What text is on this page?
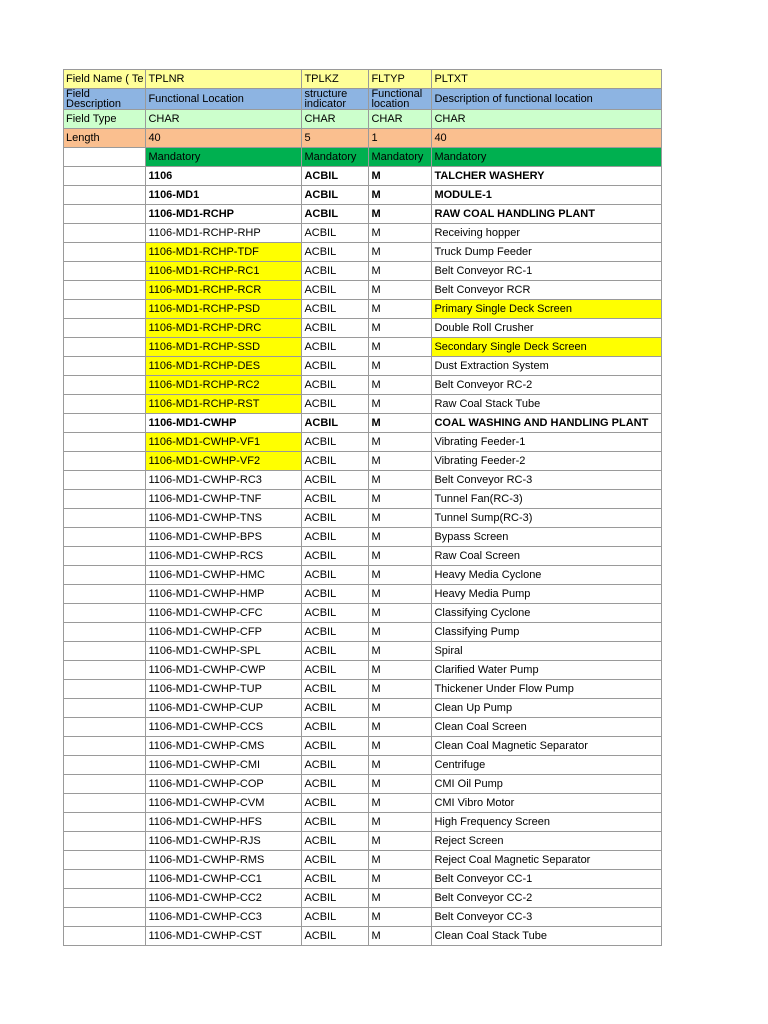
Field Name ( Te	TPLNR	TPLKZ	FLTYP	PLTXT
Field Description	Functional Location	structure indicator	Functional location	Description of functional location
Field Type	CHAR	CHAR	CHAR	CHAR
Length	40	5	1	40
	Mandatory	Mandatory	Mandatory	Mandatory
	1106	ACBIL	M	TALCHER WASHERY
	1106-MD1	ACBIL	M	MODULE-1
	1106-MD1-RCHP	ACBIL	M	RAW COAL HANDLING PLANT
	1106-MD1-RCHP-RHP	ACBIL	M	Receiving hopper
	1106-MD1-RCHP-TDF	ACBIL	M	Truck Dump Feeder
	1106-MD1-RCHP-RC1	ACBIL	M	Belt Conveyor RC-1
	1106-MD1-RCHP-RCR	ACBIL	M	Belt Conveyor RCR
	1106-MD1-RCHP-PSD	ACBIL	M	Primary Single Deck Screen
	1106-MD1-RCHP-DRC	ACBIL	M	Double Roll Crusher
	1106-MD1-RCHP-SSD	ACBIL	M	Secondary Single Deck Screen
	1106-MD1-RCHP-DES	ACBIL	M	Dust Extraction System
	1106-MD1-RCHP-RC2	ACBIL	M	Belt Conveyor RC-2
	1106-MD1-RCHP-RST	ACBIL	M	Raw Coal Stack Tube
	1106-MD1-CWHP	ACBIL	M	COAL WASHING AND HANDLING PLANT
	1106-MD1-CWHP-VF1	ACBIL	M	Vibrating Feeder-1
	1106-MD1-CWHP-VF2	ACBIL	M	Vibrating Feeder-2
	1106-MD1-CWHP-RC3	ACBIL	M	Belt Conveyor RC-3
	1106-MD1-CWHP-TNF	ACBIL	M	Tunnel Fan(RC-3)
	1106-MD1-CWHP-TNS	ACBIL	M	Tunnel Sump(RC-3)
	1106-MD1-CWHP-BPS	ACBIL	M	Bypass Screen
	1106-MD1-CWHP-RCS	ACBIL	M	Raw Coal Screen
	1106-MD1-CWHP-HMC	ACBIL	M	Heavy Media Cyclone
	1106-MD1-CWHP-HMP	ACBIL	M	Heavy Media Pump
	1106-MD1-CWHP-CFC	ACBIL	M	Classifying Cyclone
	1106-MD1-CWHP-CFP	ACBIL	M	Classifying Pump
	1106-MD1-CWHP-SPL	ACBIL	M	Spiral
	1106-MD1-CWHP-CWP	ACBIL	M	Clarified Water Pump
	1106-MD1-CWHP-TUP	ACBIL	M	Thickener Under Flow Pump
	1106-MD1-CWHP-CUP	ACBIL	M	Clean Up Pump
	1106-MD1-CWHP-CCS	ACBIL	M	Clean Coal Screen
	1106-MD1-CWHP-CMS	ACBIL	M	Clean Coal Magnetic Separator
	1106-MD1-CWHP-CMI	ACBIL	M	Centrifuge
	1106-MD1-CWHP-COP	ACBIL	M	CMI Oil Pump
	1106-MD1-CWHP-CVM	ACBIL	M	CMI Vibro Motor
	1106-MD1-CWHP-HFS	ACBIL	M	High Frequency Screen
	1106-MD1-CWHP-RJS	ACBIL	M	Reject Screen
	1106-MD1-CWHP-RMS	ACBIL	M	Reject Coal Magnetic Separator
	1106-MD1-CWHP-CC1	ACBIL	M	Belt Conveyor CC-1
	1106-MD1-CWHP-CC2	ACBIL	M	Belt Conveyor CC-2
	1106-MD1-CWHP-CC3	ACBIL	M	Belt Conveyor CC-3
	1106-MD1-CWHP-CST	ACBIL	M	Clean Coal Stack Tube
